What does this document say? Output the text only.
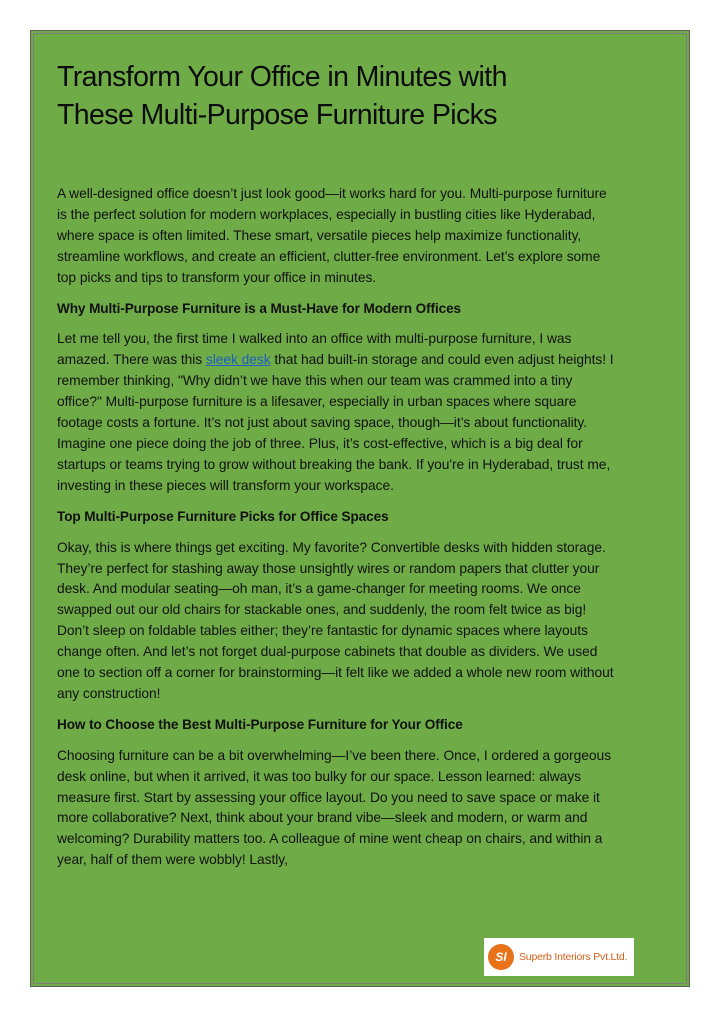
Transform Your Office in Minutes with
These Multi-Purpose Furniture Picks

A well-designed office doesn’t just look good—it works hard for you. Multi-purpose furniture is the perfect solution for modern workplaces, especially in bustling cities like Hyderabad, where space is often limited. These smart, versatile pieces help maximize functionality, streamline workflows, and create an efficient, clutter-free environment. Let’s explore some top picks and tips to transform your office in minutes.

Why Multi-Purpose Furniture is a Must-Have for Modern Offices

Let me tell you, the first time I walked into an office with multi-purpose furniture, I was amazed. There was this sleek desk that had built-in storage and could even adjust heights! I remember thinking, "Why didn’t we have this when our team was crammed into a tiny office?" Multi-purpose furniture is a lifesaver, especially in urban spaces where square footage costs a fortune. It’s not just about saving space, though—it’s about functionality. Imagine one piece doing the job of three. Plus, it’s cost-effective, which is a big deal for startups or teams trying to grow without breaking the bank. If you're in Hyderabad, trust me, investing in these pieces will transform your workspace.

Top Multi-Purpose Furniture Picks for Office Spaces

Okay, this is where things get exciting. My favorite? Convertible desks with hidden storage. They’re perfect for stashing away those unsightly wires or random papers that clutter your desk. And modular seating—oh man, it’s a game-changer for meeting rooms. We once swapped out our old chairs for stackable ones, and suddenly, the room felt twice as big! Don’t sleep on foldable tables either; they’re fantastic for dynamic spaces where layouts change often. And let’s not forget dual-purpose cabinets that double as dividers. We used one to section off a corner for brainstorming—it felt like we added a whole new room without any construction!

How to Choose the Best Multi-Purpose Furniture for Your Office

Choosing furniture can be a bit overwhelming—I’ve been there. Once, I ordered a gorgeous desk online, but when it arrived, it was too bulky for our space. Lesson learned: always measure first. Start by assessing your office layout. Do you need to save space or make it more collaborative? Next, think about your brand vibe—sleek and modern, or warm and welcoming? Durability matters too. A colleague of mine went cheap on chairs, and within a year, half of them were wobbly! Lastly,

SI	Superb Interiors Pvt.Ltd.
